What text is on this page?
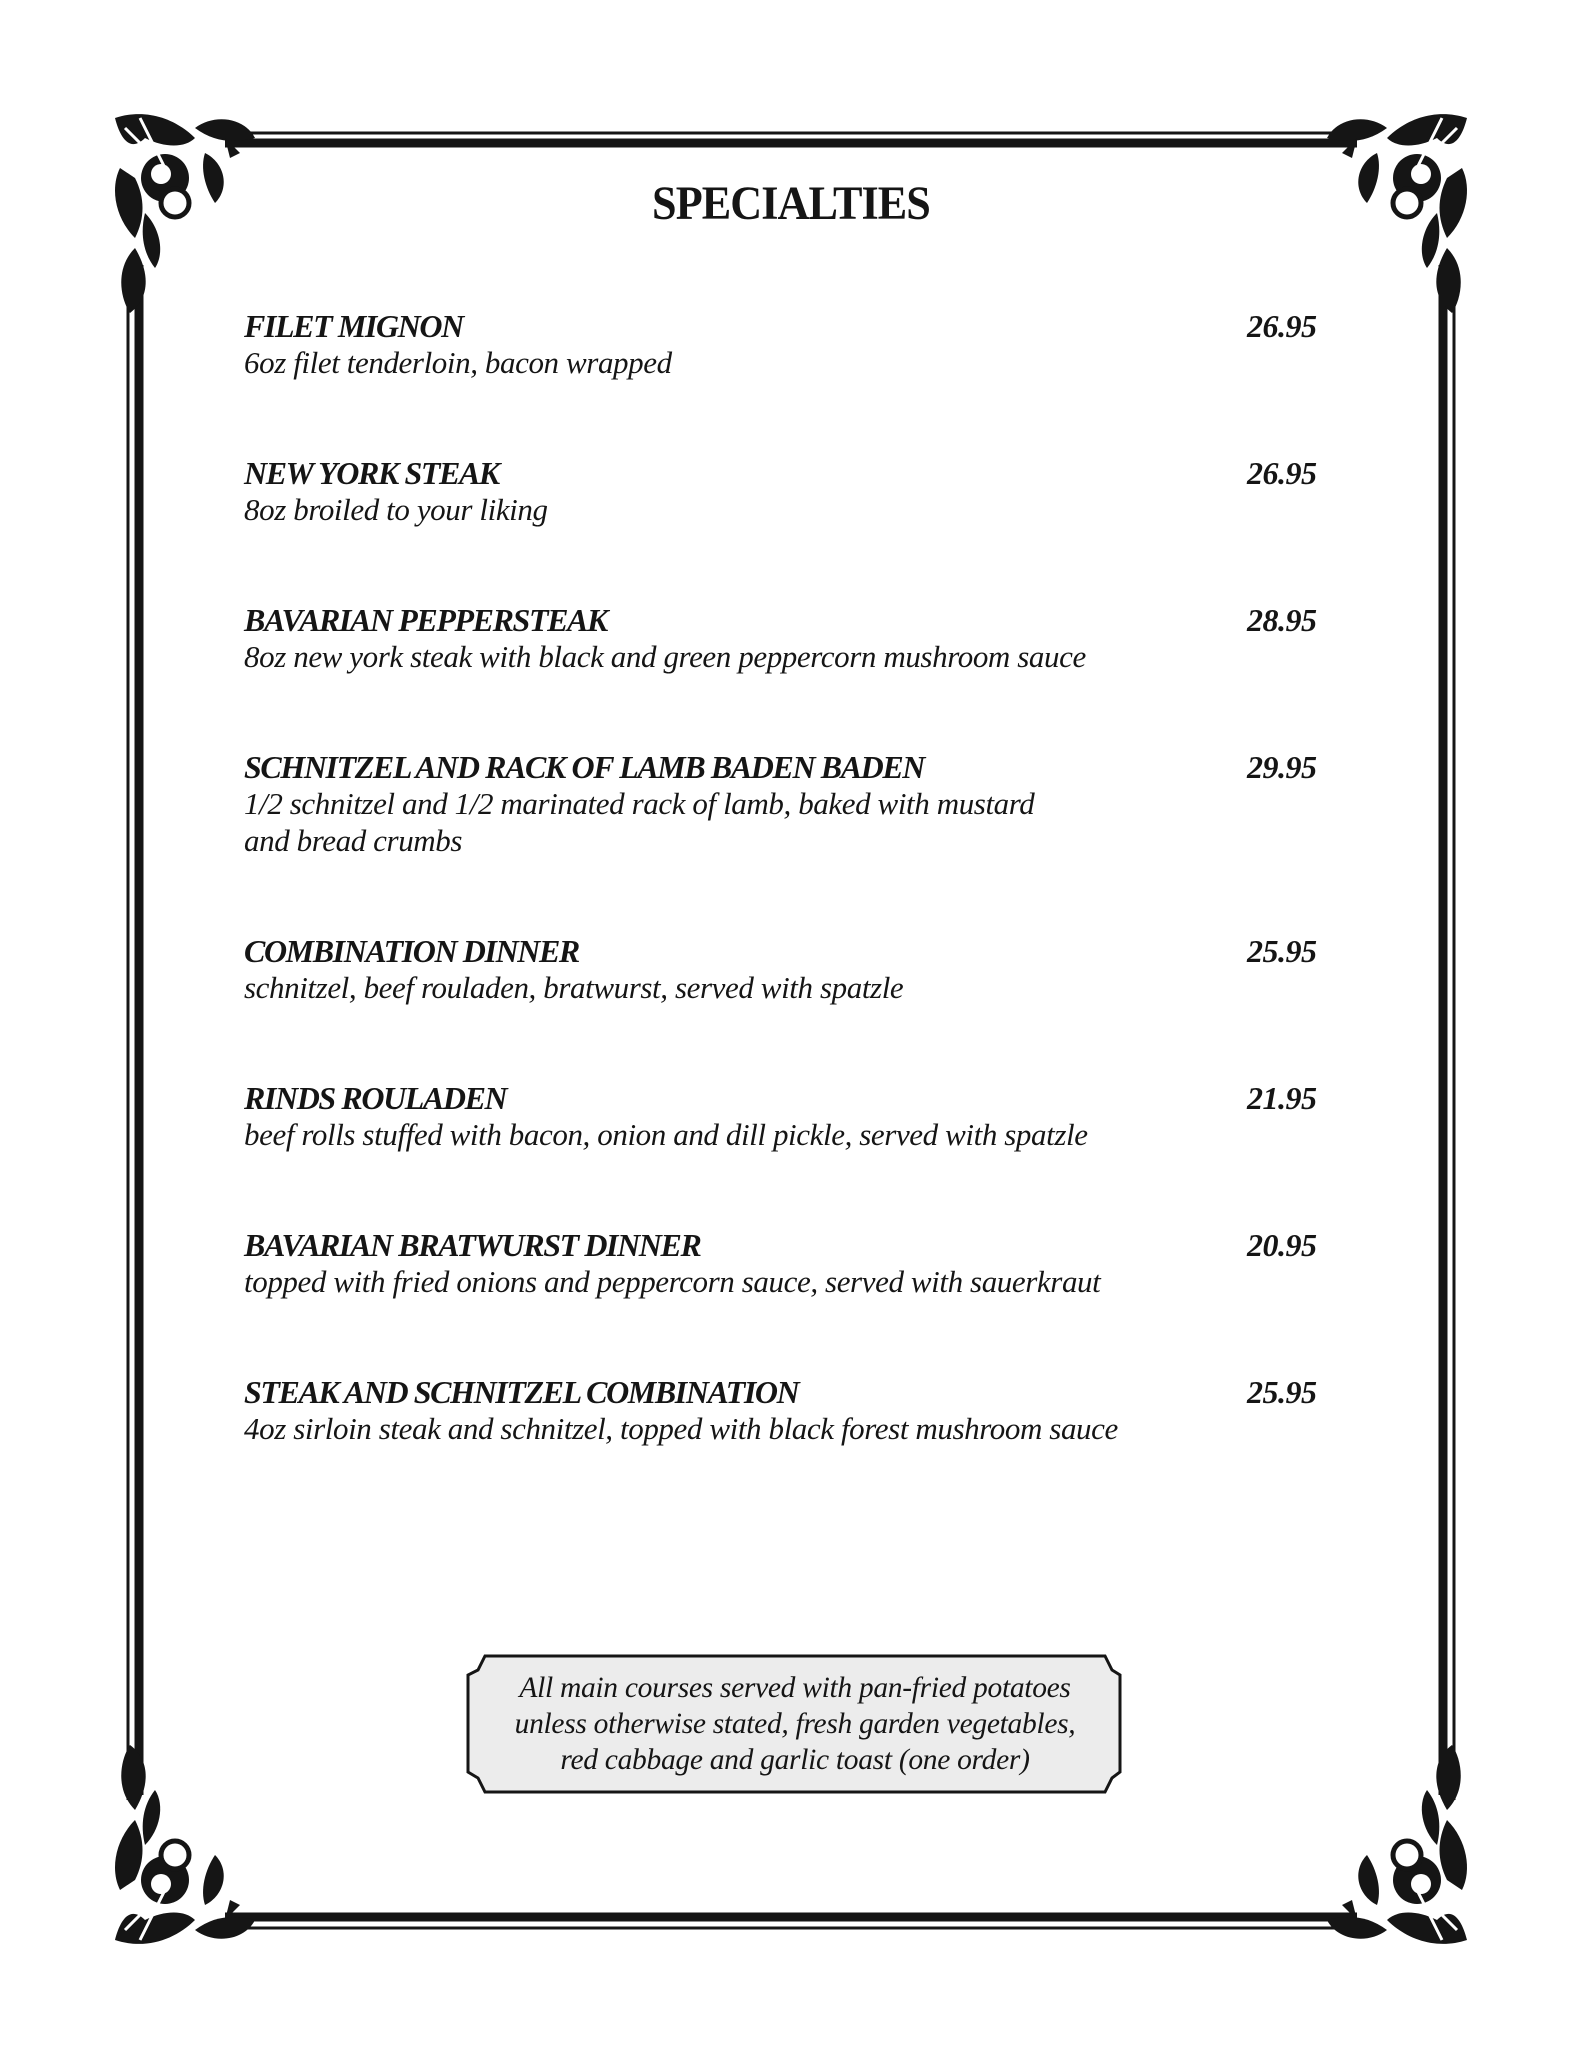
SPECIALTIES
FILET MIGNON	26.95
6oz filet tenderloin, bacon wrapped
NEW YORK STEAK	26.95
8oz broiled to your liking
BAVARIAN PEPPERSTEAK	28.95
8oz new york steak with black and green peppercorn mushroom sauce
SCHNITZEL AND RACK OF LAMB BADEN BADEN	29.95
1/2 schnitzel and 1/2 marinated rack of lamb, baked with mustard and bread crumbs
COMBINATION DINNER	25.95
schnitzel, beef rouladen, bratwurst, served with spatzle
RINDS ROULADEN	21.95
beef rolls stuffed with bacon, onion and dill pickle, served with spatzle
BAVARIAN BRATWURST DINNER	20.95
topped with fried onions and peppercorn sauce, served with sauerkraut
STEAK AND SCHNITZEL COMBINATION	25.95
4oz sirloin steak and schnitzel, topped with black forest mushroom sauce
All main courses served with pan-fried potatoes
unless otherwise stated, fresh garden vegetables,
red cabbage and garlic toast (one order)
